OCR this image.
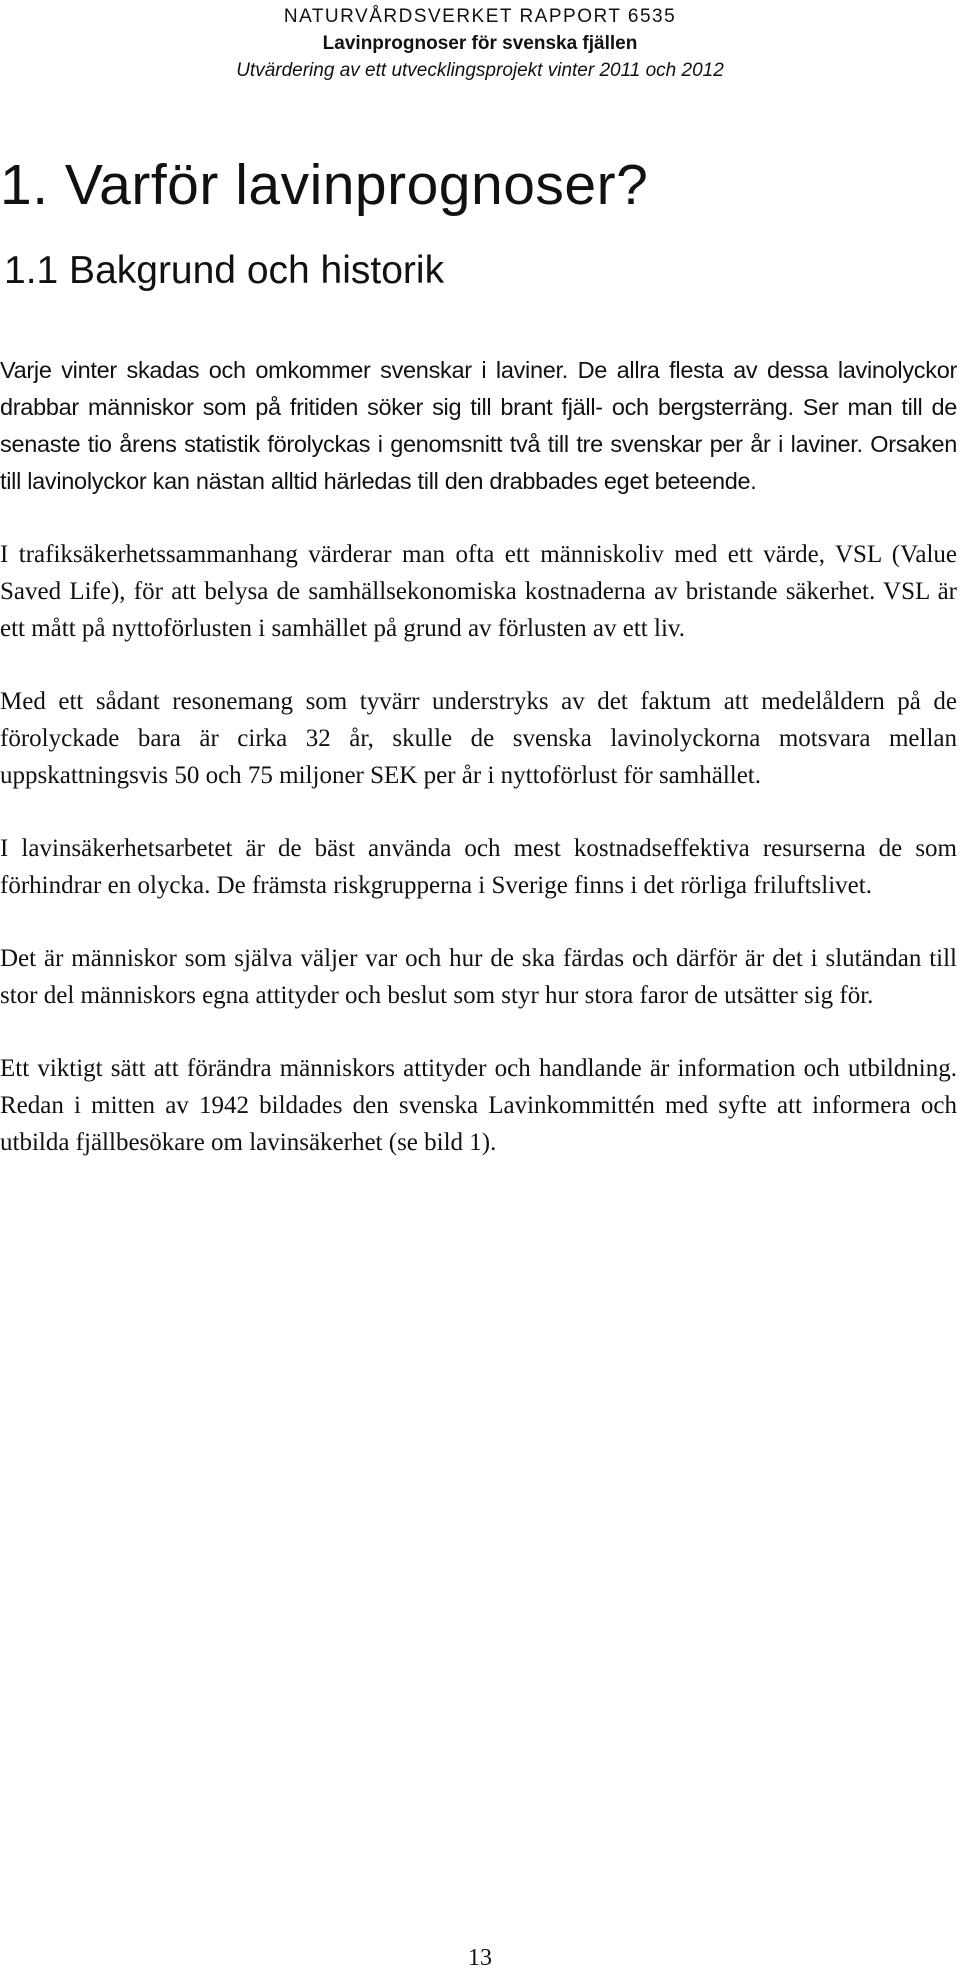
NATURVÅRDSVERKET RAPPORT 6535
Lavinprognoser för svenska fjällen
Utvärdering av ett utvecklingsprojekt vinter 2011 och 2012
1. Varför lavinprognoser?
1.1 Bakgrund och historik

Varje vinter skadas och omkommer svenskar i laviner. De allra flesta av dessa lavinolyckor drabbar människor som på fritiden söker sig till brant fjäll- och bergsterräng. Ser man till de senaste tio årens statistik förolyckas i genomsnitt två till tre svenskar per år i laviner. Orsaken till lavinolyckor kan nästan alltid härledas till den drabbades eget beteende.

I trafiksäkerhetssammanhang värderar man ofta ett människoliv med ett värde, VSL (Value Saved Life), för att belysa de samhällsekonomiska kostnaderna av bristande säkerhet. VSL är ett mått på nyttoförlusten i samhället på grund av förlusten av ett liv.

Med ett sådant resonemang som tyvärr understryks av det faktum att medelåldern på de förolyckade bara är cirka 32 år, skulle de svenska lavinolyckorna motsvara mellan uppskattningsvis 50 och 75 miljoner SEK per år i nyttoförlust för samhället.

I lavinsäkerhetsarbetet är de bäst använda och mest kostnadseffektiva resurserna de som förhindrar en olycka. De främsta riskgrupperna i Sverige finns i det rörliga friluftslivet.

Det är människor som själva väljer var och hur de ska färdas och därför är det i slutändan till stor del människors egna attityder och beslut som styr hur stora faror de utsätter sig för.

Ett viktigt sätt att förändra människors attityder och handlande är information och utbildning. Redan i mitten av 1942 bildades den svenska Lavinkommittén med syfte att informera och utbilda fjällbesökare om lavinsäkerhet (se bild 1).

13
